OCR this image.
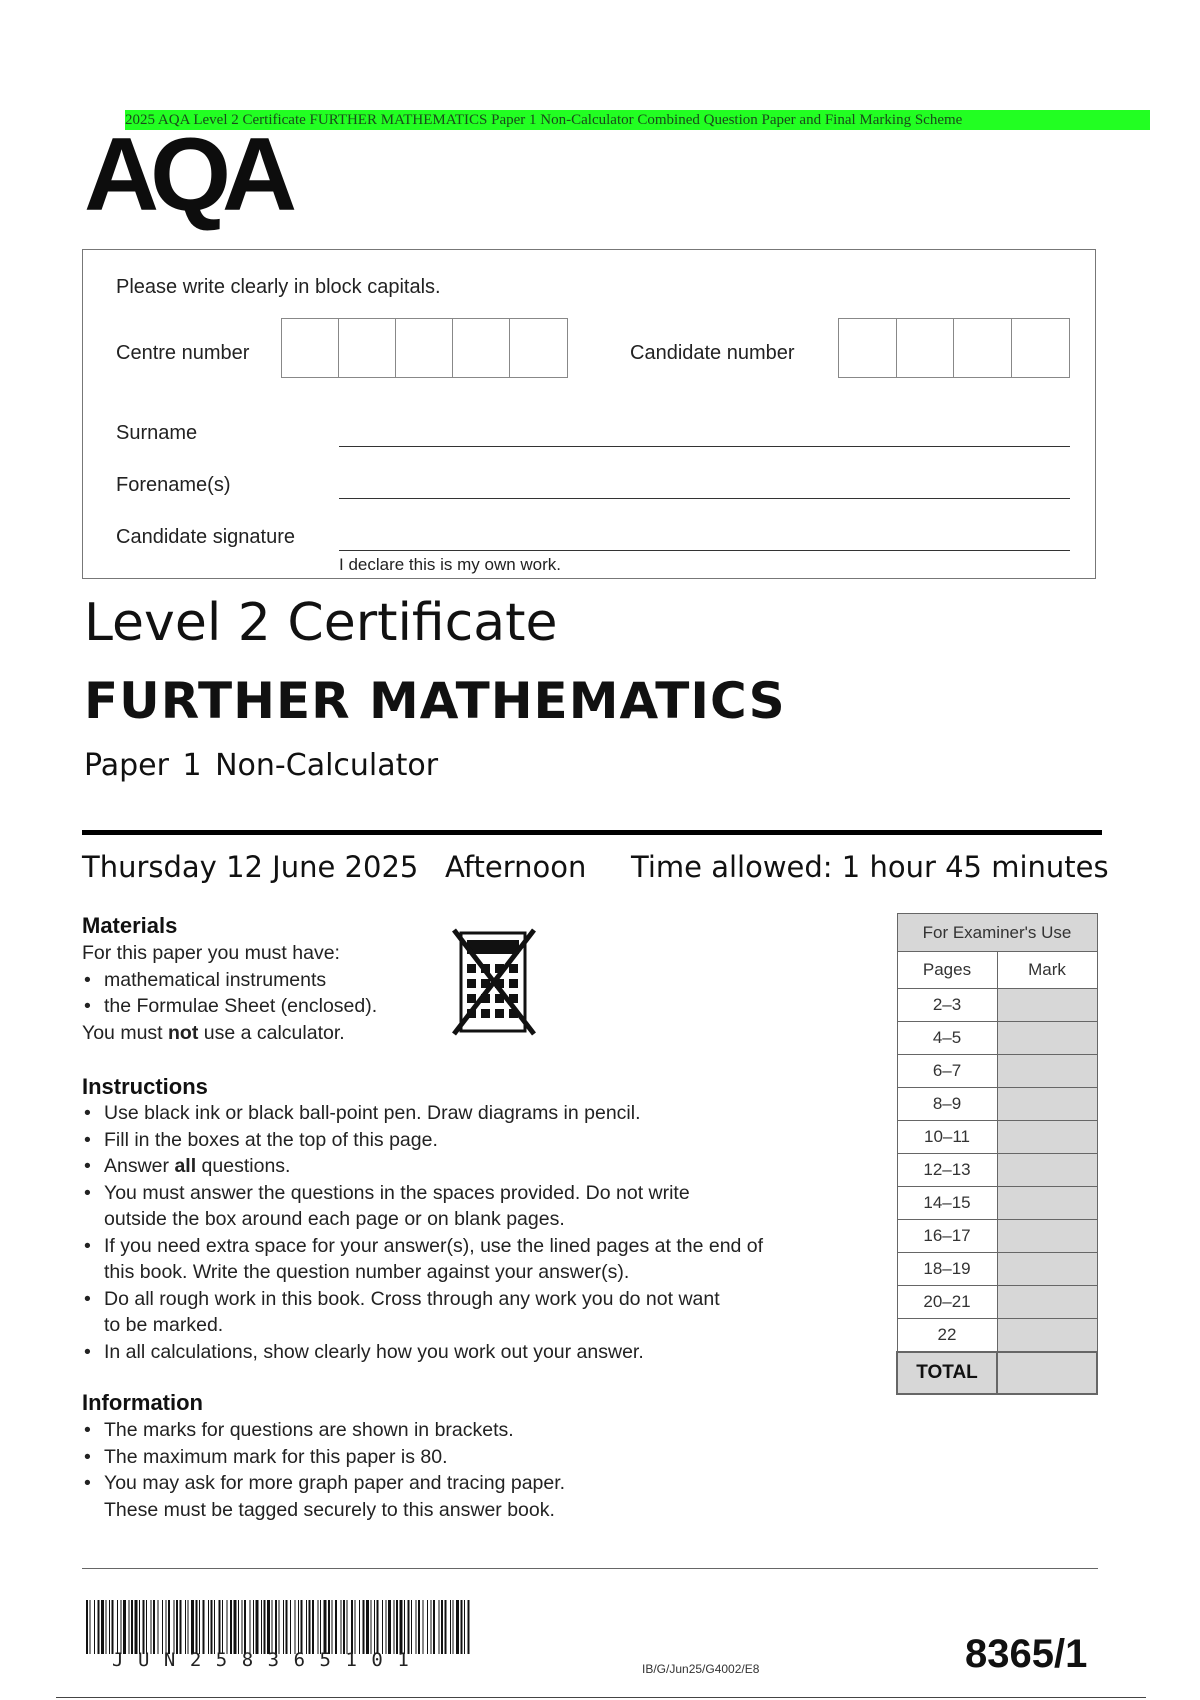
2025 AQA Level 2 Certificate FURTHER MATHEMATICS Paper 1 Non-Calculator Combined Question Paper and Final Marking Scheme
AQA
Please write clearly in block capitals.
Centre number	Candidate number
Surname
Forename(s)
Candidate signature
I declare this is my own work.
Level 2 Certificate
FURTHER MATHEMATICS
Paper 1 Non-Calculator
Thursday 12 June 2025 Afternoon Time allowed: 1 hour 45 minutes
Materials
For this paper you must have:
• mathematical instruments
• the Formulae Sheet (enclosed).
You must not use a calculator.
Instructions
• Use black ink or black ball-point pen. Draw diagrams in pencil.
• Fill in the boxes at the top of this page.
• Answer all questions.
• You must answer the questions in the spaces provided. Do not write
outside the box around each page or on blank pages.
• If you need extra space for your answer(s), use the lined pages at the end of
this book. Write the question number against your answer(s).
• Do all rough work in this book. Cross through any work you do not want
to be marked.
• In all calculations, show clearly how you work out your answer.
Information
• The marks for questions are shown in brackets.
• The maximum mark for this paper is 80.
• You may ask for more graph paper and tracing paper.
These must be tagged securely to this answer book.
For Examiner's Use	
Pages	Mark
2–3	
4–5	
6–7	
8–9	
10–11	
12–13	
14–15	
16–17	
18–19	
20–21	
22	
TOTAL	
JUN258365101	IB/G/Jun25/G4002/E8	8365/1
